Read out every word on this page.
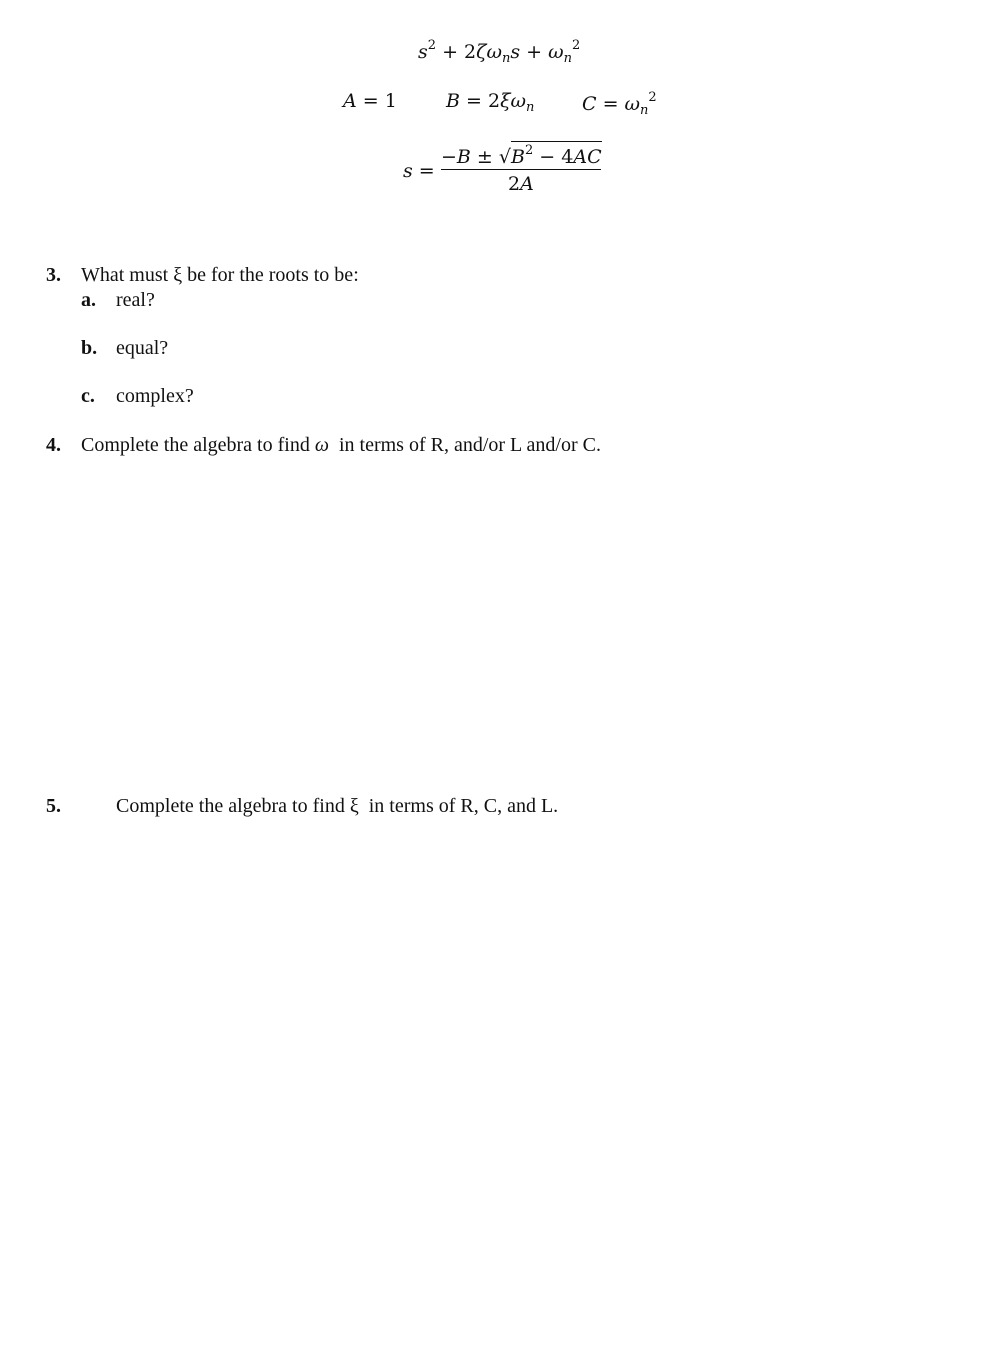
$s^2 + 2\zeta\omega_ns + \omega_n^2$
A = 1	$B = 2\xi\omega_n$	$C = \omega_n^2$
s =
$-B \pm √B^2 - 4AC$
2A
3. What must ξ be for the roots to be:
a. real?
b. equal?
c. complex?
4. Complete the algebra to find ω  in terms of R, and/or L and/or C.
5.	Complete the algebra to find ξ  in terms of R, C, and L.
